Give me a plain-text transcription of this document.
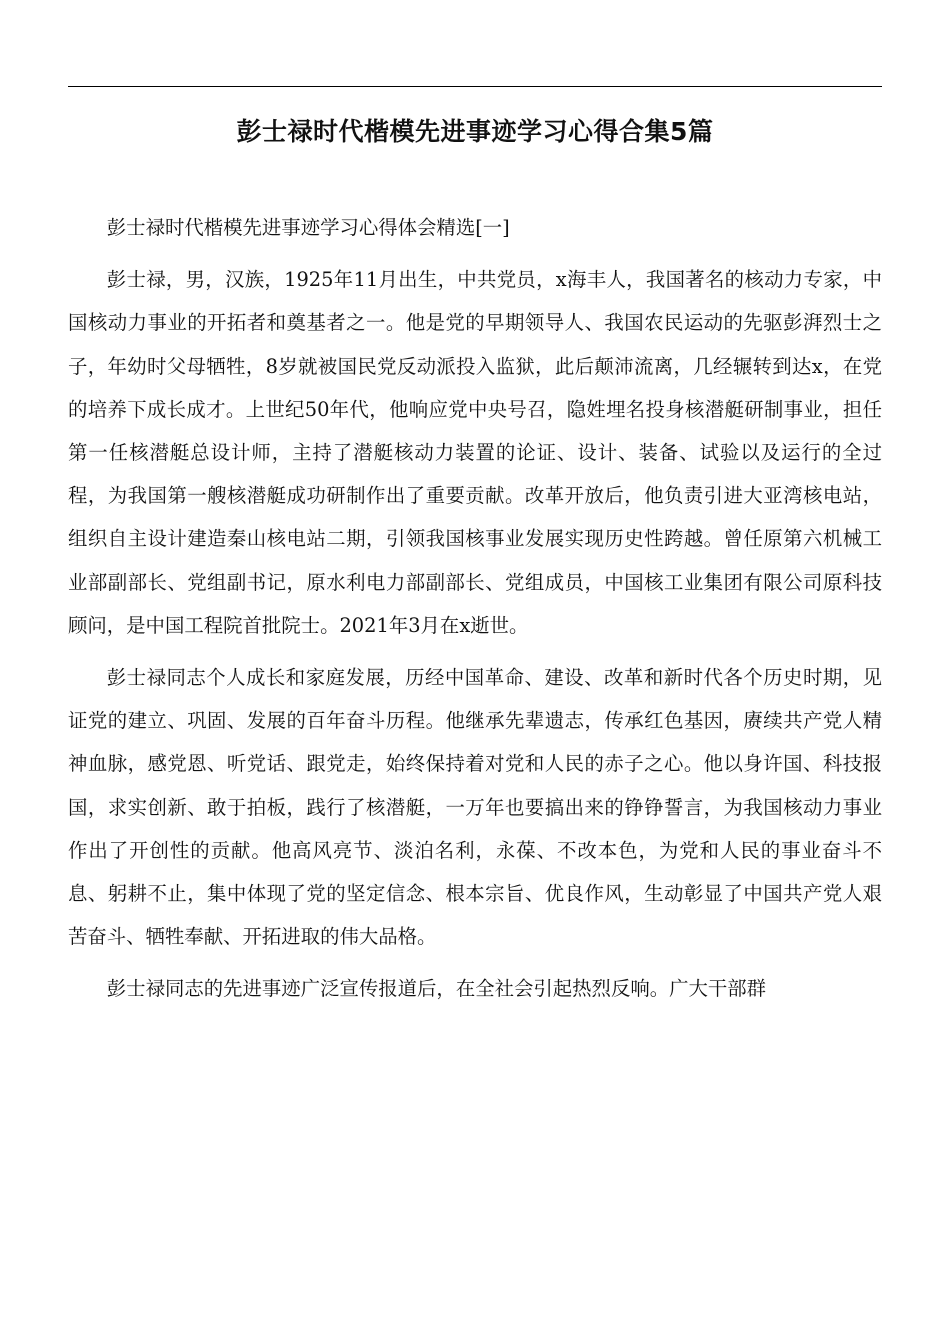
彭士禄时代楷模先进事迹学习心得合集5篇

彭士禄时代楷模先进事迹学习心得体会精选[一]

彭士禄，男，汉族，1925年11月出生，中共党员，x海丰人，我国著名的核动力专家，中国核动力事业的开拓者和奠基者之一。他是党的早期领导人、我国农民运动的先驱彭湃烈士之子，年幼时父母牺牲，8岁就被国民党反动派投入监狱，此后颠沛流离，几经辗转到达x，在党的培养下成长成才。上世纪50年代，他响应党中央号召，隐姓埋名投身核潜艇研制事业，担任第一任核潜艇总设计师，主持了潜艇核动力装置的论证、设计、装备、试验以及运行的全过程，为我国第一艘核潜艇成功研制作出了重要贡献。改革开放后，他负责引进大亚湾核电站，组织自主设计建造秦山核电站二期，引领我国核事业发展实现历史性跨越。曾任原第六机械工业部副部长、党组副书记，原水利电力部副部长、党组成员，中国核工业集团有限公司原科技顾问，是中国工程院首批院士。2021年3月在x逝世。

彭士禄同志个人成长和家庭发展，历经中国革命、建设、改革和新时代各个历史时期，见证党的建立、巩固、发展的百年奋斗历程。他继承先辈遗志，传承红色基因，赓续共产党人精神血脉，感党恩、听党话、跟党走，始终保持着对党和人民的赤子之心。他以身许国、科技报国，求实创新、敢于拍板，践行了核潜艇，一万年也要搞出来的铮铮誓言，为我国核动力事业作出了开创性的贡献。他高风亮节、淡泊名利，永葆、不改本色，为党和人民的事业奋斗不息、躬耕不止，集中体现了党的坚定信念、根本宗旨、优良作风，生动彰显了中国共产党人艰苦奋斗、牺牲奉献、开拓进取的伟大品格。

彭士禄同志的先进事迹广泛宣传报道后，在全社会引起热烈反响。广大干部群
